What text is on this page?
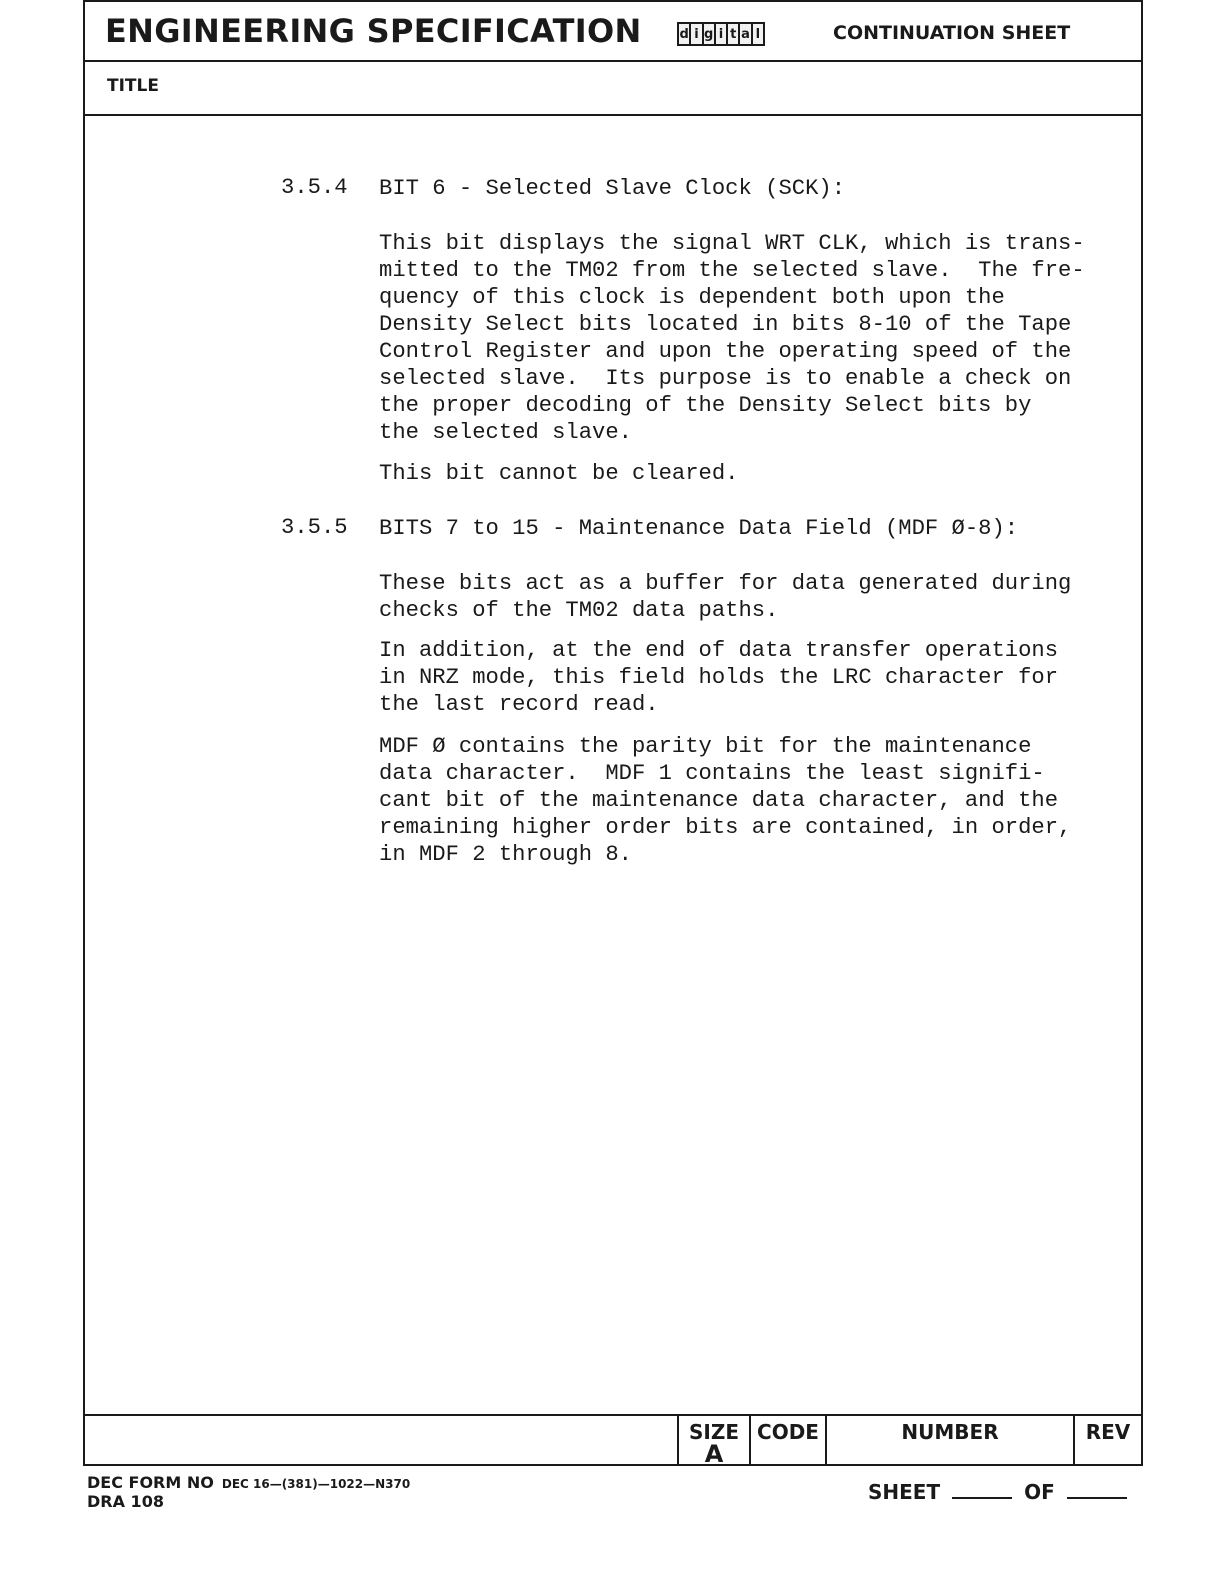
ENGINEERING SPECIFICATION	d i g i t a l	CONTINUATION SHEET
TITLE
SIZE
A
CODE	NUMBER	REV
3.5.4 BIT 6 - Selected Slave Clock (SCK):
This bit displays the signal WRT CLK, which is trans-
mitted to the TM02 from the selected slave.  The fre-
quency of this clock is dependent both upon the
Density Select bits located in bits 8-10 of the Tape
Control Register and upon the operating speed of the
selected slave.  Its purpose is to enable a check on
the proper decoding of the Density Select bits by
the selected slave.
This bit cannot be cleared.
3.5.5 BITS 7 to 15 - Maintenance Data Field (MDF Ø-8):
These bits act as a buffer for data generated during
checks of the TM02 data paths.
In addition, at the end of data transfer operations
in NRZ mode, this field holds the LRC character for
the last record read.
MDF Ø contains the parity bit for the maintenance
data character.  MDF 1 contains the least signifi-
cant bit of the maintenance data character, and the
remaining higher order bits are contained, in order,
in MDF 2 through 8.
DEC FORM NO DEC 16—(381)—1022—N370
DRA 108	SHEET	OF
